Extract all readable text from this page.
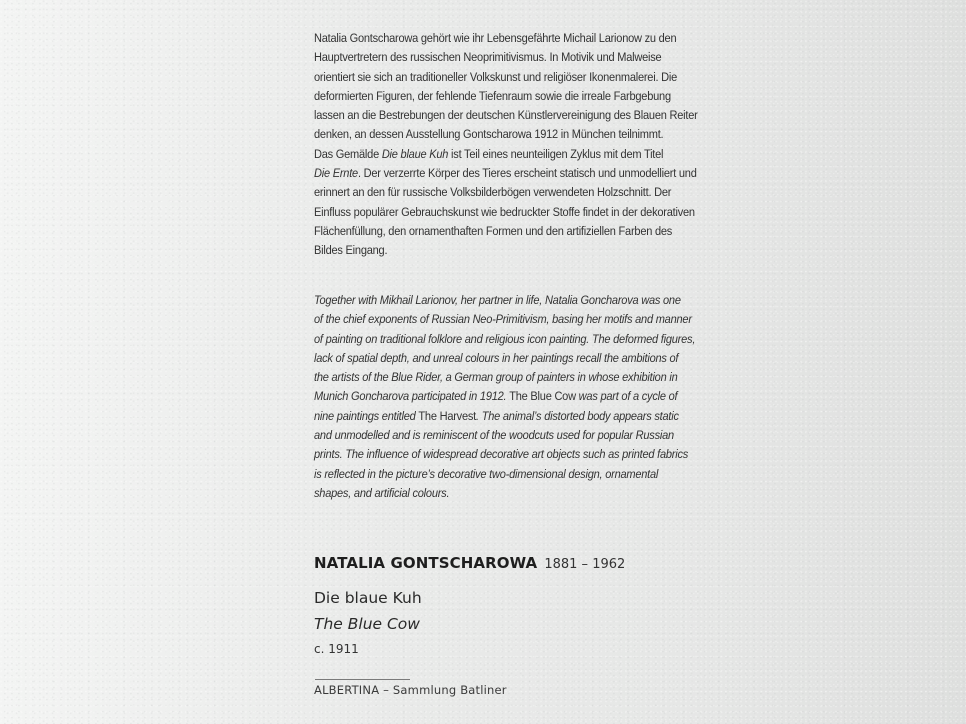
Natalia Gontscharowa gehört wie ihr Lebensgefährte Michail Larionow zu den
Hauptvertretern des russischen Neoprimitivismus. In Motivik und Malweise
orientiert sie sich an traditioneller Volkskunst und religiöser Ikonenmalerei. Die
deformierten Figuren, der fehlende Tiefenraum sowie die irreale Farbgebung
lassen an die Bestrebungen der deutschen Künstlervereinigung des Blauen Reiter
denken, an dessen Ausstellung Gontscharowa 1912 in München teilnimmt.
Das Gemälde Die blaue Kuh ist Teil eines neunteiligen Zyklus mit dem Titel
Die Ernte. Der verzerrte Körper des Tieres erscheint statisch und unmodelliert und
erinnert an den für russische Volksbilderbögen verwendeten Holzschnitt. Der
Einfluss populärer Gebrauchskunst wie bedruckter Stoffe findet in der dekorativen
Flächenfüllung, den ornamenthaften Formen und den artifiziellen Farben des
Bildes Eingang.
Together with Mikhail Larionov, her partner in life, Natalia Goncharova was one
of the chief exponents of Russian Neo-Primitivism, basing her motifs and manner
of painting on traditional folklore and religious icon painting. The deformed figures,
lack of spatial depth, and unreal colours in her paintings recall the ambitions of
the artists of the Blue Rider, a German group of painters in whose exhibition in
Munich Goncharova participated in 1912. The Blue Cow was part of a cycle of
nine paintings entitled The Harvest. The animal’s distorted body appears static
and unmodelled and is reminiscent of the woodcuts used for popular Russian
prints. The influence of widespread decorative art objects such as printed fabrics
is reflected in the picture’s decorative two-dimensional design, ornamental
shapes, and artificial colours.
NATALIA GONTSCHAROWA 1881 – 1962
Die blaue Kuh
The Blue Cow
c. 1911
ALBERTINA – Sammlung Batliner
